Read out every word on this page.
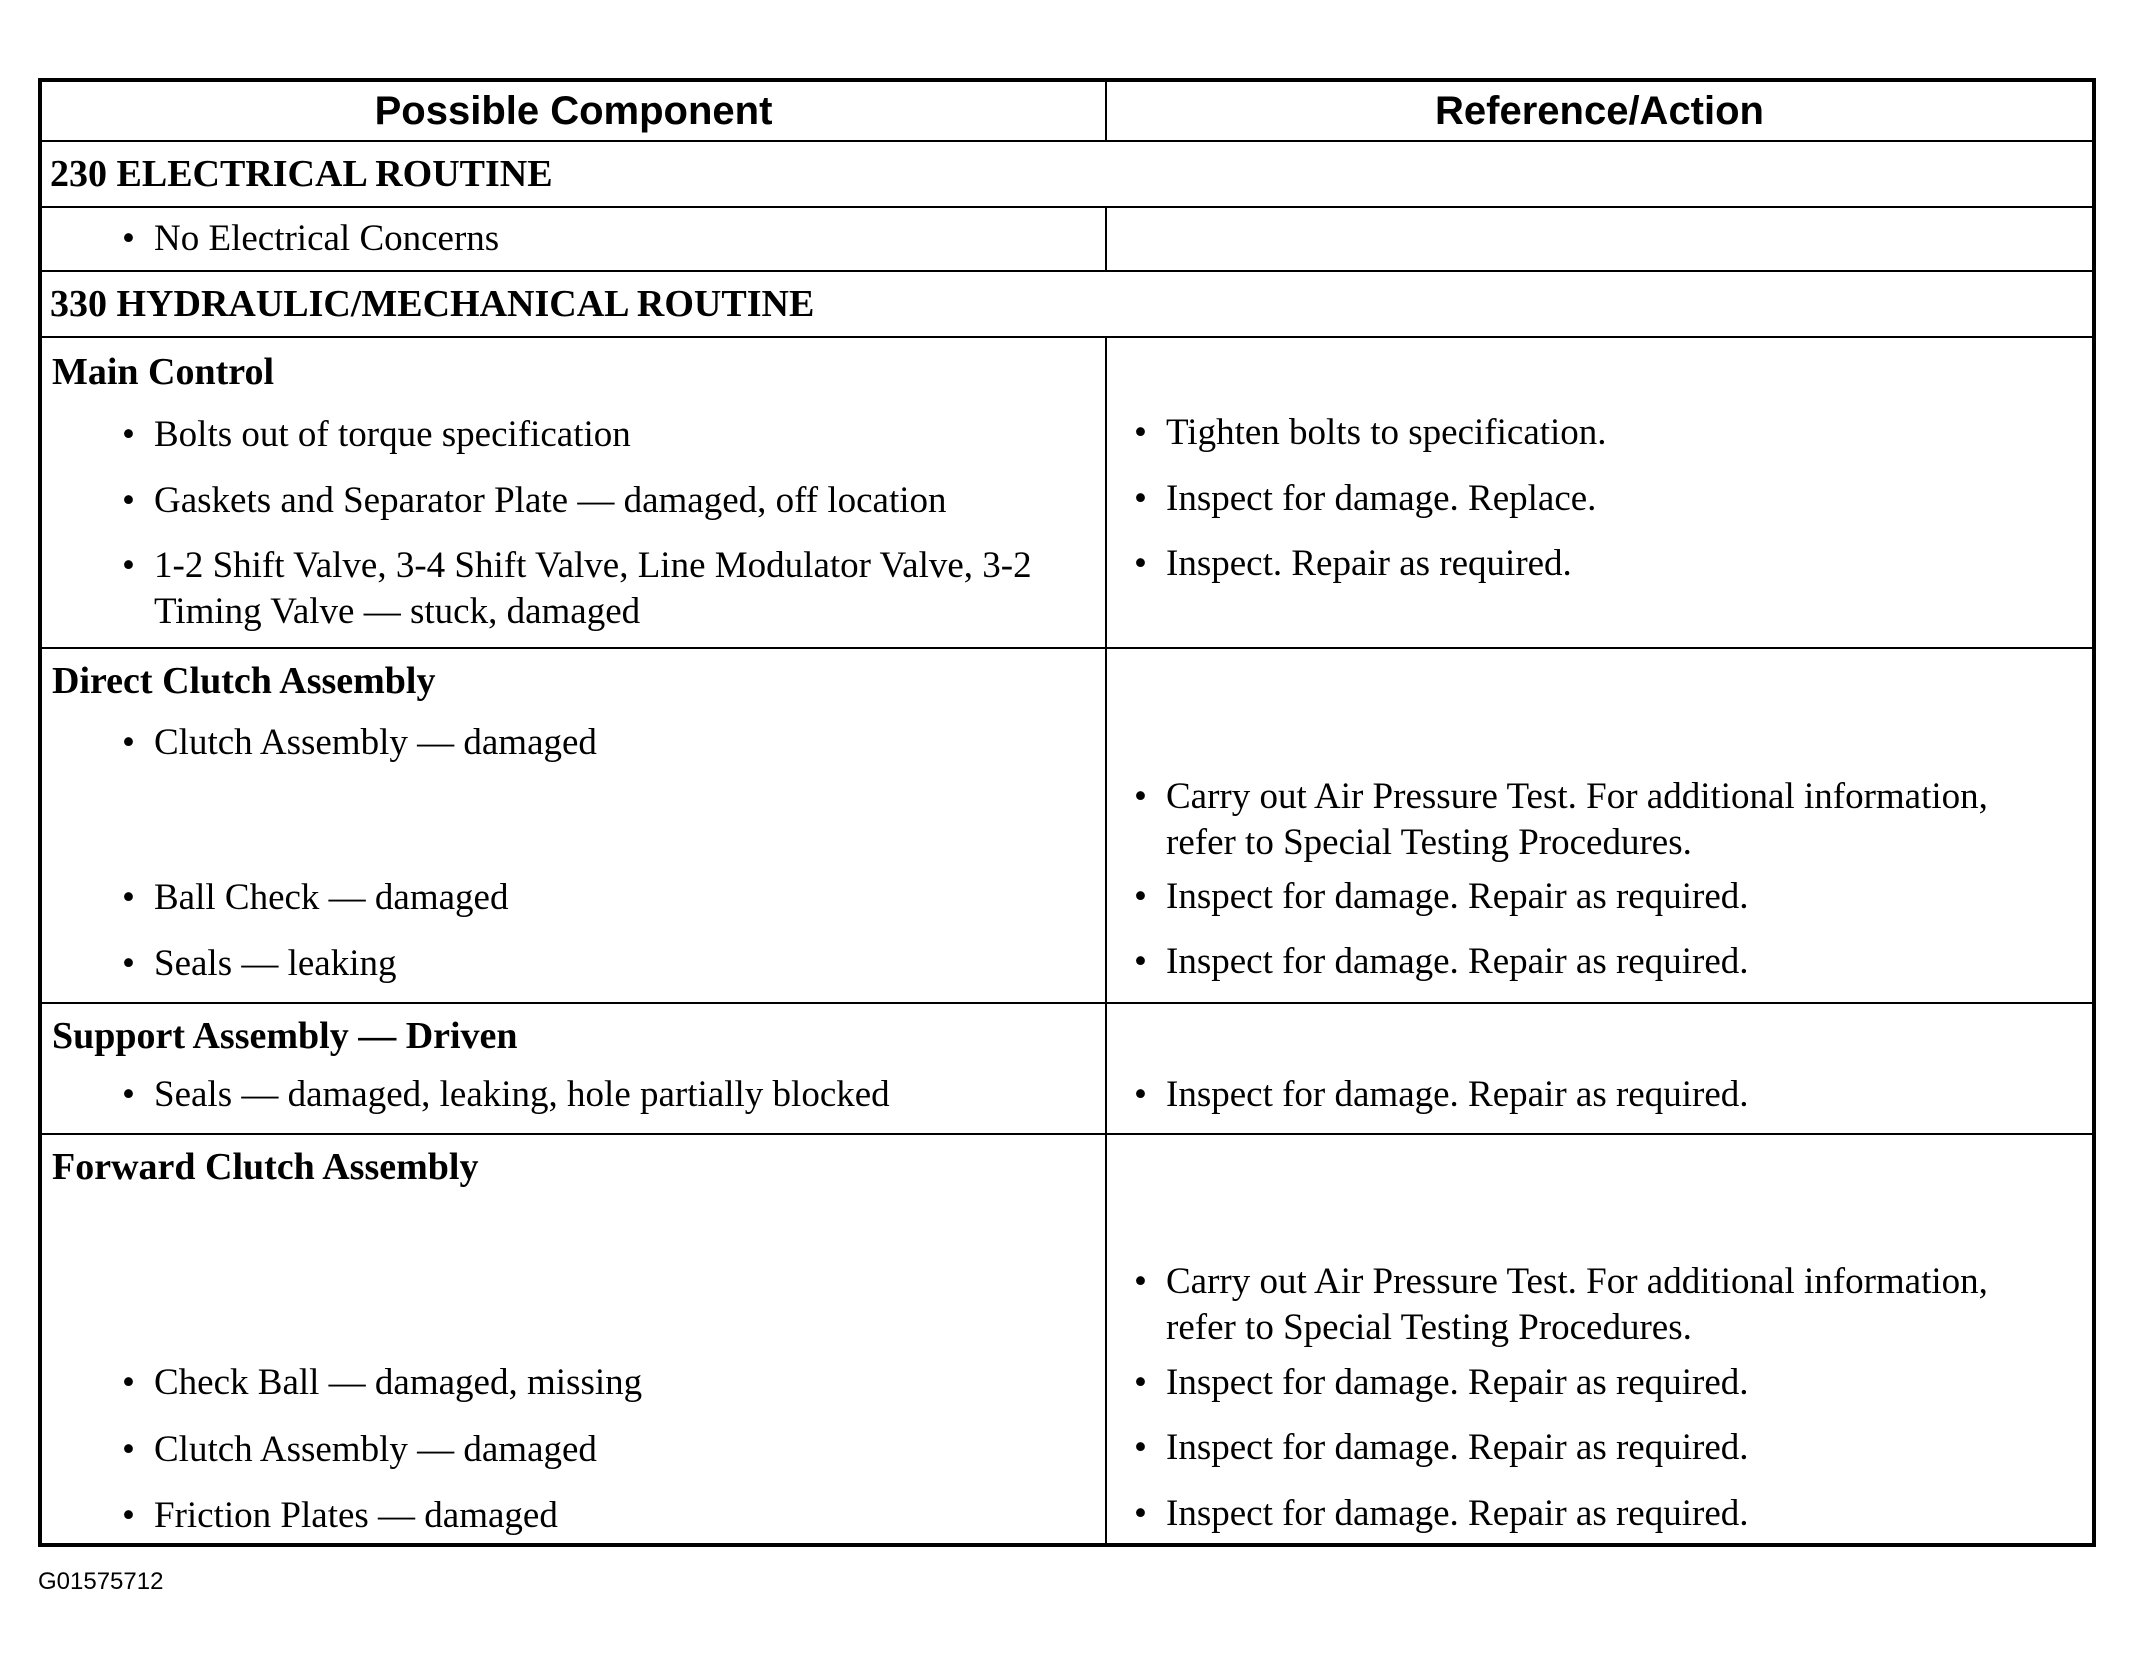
Possible Component	Reference/Action
230 ELECTRICAL ROUTINE
• No Electrical Concerns
330 HYDRAULIC/MECHANICAL ROUTINE
Main Control
• Bolts out of torque specification
• Gaskets and Separator Plate — damaged, off location
• 1-2 Shift Valve, 3-4 Shift Valve, Line Modulator Valve, 3-2 Timing Valve — stuck, damaged
• Tighten bolts to specification.
• Inspect for damage. Replace.
• Inspect. Repair as required.
Direct Clutch Assembly
• Clutch Assembly — damaged
• Ball Check — damaged
• Seals — leaking
• Carry out Air Pressure Test. For additional information, refer to Special Testing Procedures.
• Inspect for damage. Repair as required.
• Inspect for damage. Repair as required.
Support Assembly — Driven
• Seals — damaged, leaking, hole partially blocked	• Inspect for damage. Repair as required.
Forward Clutch Assembly
• Check Ball — damaged, missing
• Clutch Assembly — damaged
• Friction Plates — damaged
• Carry out Air Pressure Test. For additional information, refer to Special Testing Procedures.
• Inspect for damage. Repair as required.
• Inspect for damage. Repair as required.
• Inspect for damage. Repair as required.
G01575712
